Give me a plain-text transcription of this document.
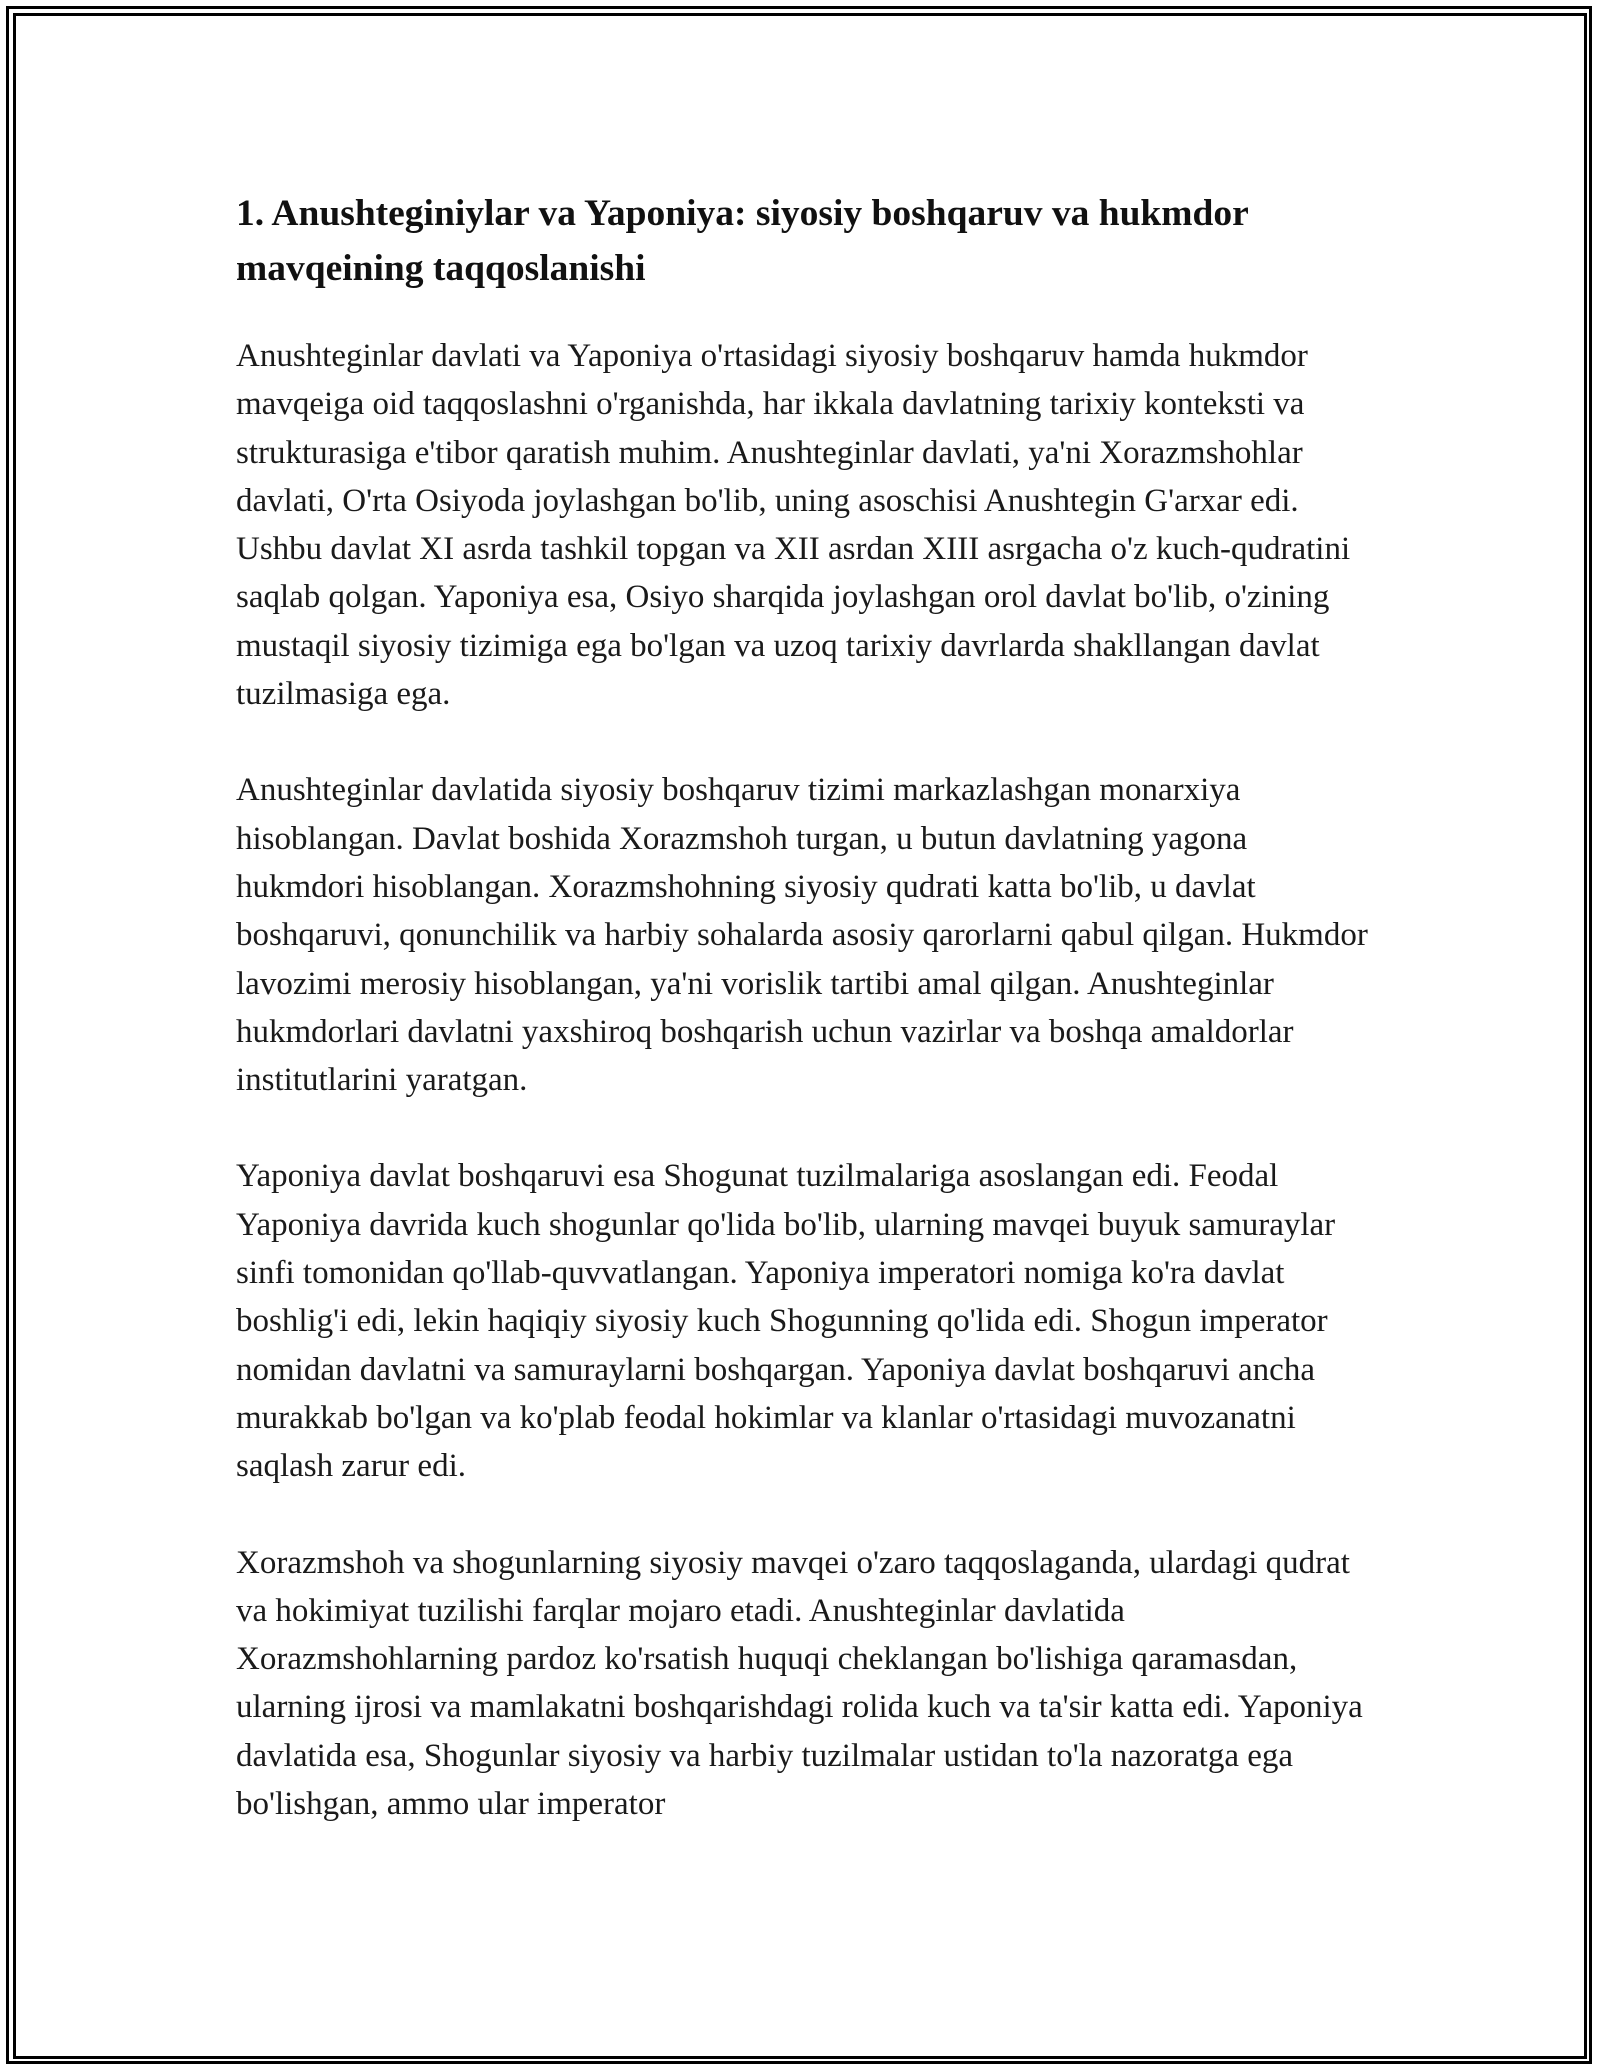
1. Anushteginiylar va Yaponiya: siyosiy boshqaruv va hukmdor mavqeining taqqoslanishi

Anushteginlar davlati va Yaponiya o'rtasidagi siyosiy boshqaruv hamda hukmdor mavqeiga oid taqqoslashni o'rganishda, har ikkala davlatning tarixiy konteksti va strukturasiga e'tibor qaratish muhim. Anushteginlar davlati, ya'ni Xorazmshohlar davlati, O'rta Osiyoda joylashgan bo'lib, uning asoschisi Anushtegin G'arxar edi. Ushbu davlat XI asrda tashkil topgan va XII asrdan XIII asrgacha o'z kuch-qudratini saqlab qolgan. Yaponiya esa, Osiyo sharqida joylashgan orol davlat bo'lib, o'zining mustaqil siyosiy tizimiga ega bo'lgan va uzoq tarixiy davrlarda shakllangan davlat tuzilmasiga ega.

Anushteginlar davlatida siyosiy boshqaruv tizimi markazlashgan monarxiya hisoblangan. Davlat boshida Xorazmshoh turgan, u butun davlatning yagona hukmdori hisoblangan. Xorazmshohning siyosiy qudrati katta bo'lib, u davlat boshqaruvi, qonunchilik va harbiy sohalarda asosiy qarorlarni qabul qilgan. Hukmdor lavozimi merosiy hisoblangan, ya'ni vorislik tartibi amal qilgan. Anushteginlar hukmdorlari davlatni yaxshiroq boshqarish uchun vazirlar va boshqa amaldorlar institutlarini yaratgan.

Yaponiya davlat boshqaruvi esa Shogunat tuzilmalariga asoslangan edi. Feodal Yaponiya davrida kuch shogunlar qo'lida bo'lib, ularning mavqei buyuk samuraylar sinfi tomonidan qo'llab-quvvatlangan. Yaponiya imperatori nomiga ko'ra davlat boshlig'i edi, lekin haqiqiy siyosiy kuch Shogunning qo'lida edi. Shogun imperator nomidan davlatni va samuraylarni boshqargan. Yaponiya davlat boshqaruvi ancha murakkab bo'lgan va ko'plab feodal hokimlar va klanlar o'rtasidagi muvozanatni saqlash zarur edi.

Xorazmshoh va shogunlarning siyosiy mavqei o'zaro taqqoslaganda, ulardagi qudrat va hokimiyat tuzilishi farqlar mojaro etadi. Anushteginlar davlatida Xorazmshohlarning pardoz ko'rsatish huquqi cheklangan bo'lishiga qaramasdan, ularning ijrosi va mamlakatni boshqarishdagi rolida kuch va ta'sir katta edi. Yaponiya davlatida esa, Shogunlar siyosiy va harbiy tuzilmalar ustidan to'la nazoratga ega bo'lishgan, ammo ular imperator
